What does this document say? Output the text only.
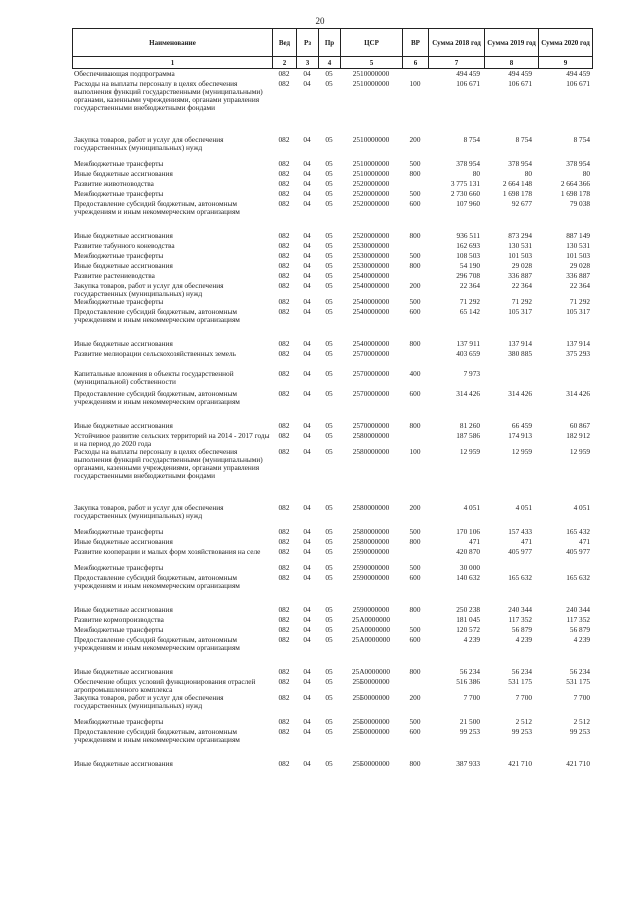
20
Наименование	Вед	Рз	Пр	ЦСР	ВР	Сумма 2018 год	Сумма 2019 год	Сумма 2020 год
1	2	3	4	5	6	7	8	9
Обеспечивающая подпрограмма	082	04	05	2510000000	494 459	494 459	494 459
Расходы на выплаты персоналу в целях обеспечения выполнения функций государственными (муниципальными) органами, казенными учреждениями, органами управления государственными внебюджетными фондами
082	04	05	2510000000	100	106 671	106 671	106 671
Закупка товаров, работ и услуг для обеспечения государственных (муниципальных) нужд
082	04	05	2510000000	200	8 754	8 754	8 754
Межбюджетные трансферты	082	04	05	2510000000	500	378 954	378 954	378 954
Иные бюджетные ассигнования	082	04	05	2510000000	800	80	80	80
Развитие животноводства	082	04	05	2520000000	3 775 131	2 664 148	2 664 366
Межбюджетные трансферты	082	04	05	2520000000	500	2 730 660	1 698 178	1 698 178
Предоставление субсидий бюджетным, автономным учреждениям и иным некоммерческим организациям
082	04	05	2520000000	600	107 960	92 677	79 038
Иные бюджетные ассигнования	082	04	05	2520000000	800	936 511	873 294	887 149
Развитие табунного коневодства	082	04	05	2530000000	162 693	130 531	130 531
Межбюджетные трансферты	082	04	05	2530000000	500	108 503	101 503	101 503
Иные бюджетные ассигнования	082	04	05	2530000000	800	54 190	29 028	29 028
Развитие растениеводства	082	04	05	2540000000	296 708	336 887	336 887
Закупка товаров, работ и услуг для обеспечения государственных (муниципальных) нужд
082	04	05	2540000000	200	22 364	22 364	22 364
Межбюджетные трансферты	082	04	05	2540000000	500	71 292	71 292	71 292
Предоставление субсидий бюджетным, автономным учреждениям и иным некоммерческим организациям
082	04	05	2540000000	600	65 142	105 317	105 317
Иные бюджетные ассигнования	082	04	05	2540000000	800	137 911	137 914	137 914
Развитие мелиорации сельскохозяйственных земель	082	04	05	2570000000	403 659	380 885	375 293
Капитальные вложения в объекты государственной (муниципальной) собственности
082	04	05	2570000000	400	7 973
Предоставление субсидий бюджетным, автономным учреждениям и иным некоммерческим организациям
082	04	05	2570000000	600	314 426	314 426	314 426
Иные бюджетные ассигнования	082	04	05	2570000000	800	81 260	66 459	60 867
Устойчивое развитие сельских территорий на 2014 - 2017 годы и на период до 2020 года
082	04	05	2580000000	187 586	174 913	182 912
Расходы на выплаты персоналу в целях обеспечения выполнения функций государственными (муниципальными) органами, казенными учреждениями, органами управления государственными внебюджетными фондами
082	04	05	2580000000	100	12 959	12 959	12 959
Закупка товаров, работ и услуг для обеспечения государственных (муниципальных) нужд
082	04	05	2580000000	200	4 051	4 051	4 051
Межбюджетные трансферты	082	04	05	2580000000	500	170 106	157 433	165 432
Иные бюджетные ассигнования	082	04	05	2580000000	800	471	471	471
Развитие кооперации и малых форм хозяйствования на селе	082	04	05	2590000000	420 870	405 977	405 977
Межбюджетные трансферты	082	04	05	2590000000	500	30 000
Предоставление субсидий бюджетным, автономным учреждениям и иным некоммерческим организациям
082	04	05	2590000000	600	140 632	165 632	165 632
Иные бюджетные ассигнования	082	04	05	2590000000	800	250 238	240 344	240 344
Развитие кормопроизводства	082	04	05	25А0000000	181 045	117 352	117 352
Межбюджетные трансферты	082	04	05	25А0000000	500	120 572	56 879	56 879
Предоставление субсидий бюджетным, автономным учреждениям и иным некоммерческим организациям
082	04	05	25А0000000	600	4 239	4 239	4 239
Иные бюджетные ассигнования	082	04	05	25А0000000	800	56 234	56 234	56 234
Обеспечение общих условий функционирования отраслей агропромышленного комплекса
082	04	05	25Б0000000	516 386	531 175	531 175
Закупка товаров, работ и услуг для обеспечения государственных (муниципальных) нужд
082	04	05	25Б0000000	200	7 700	7 700	7 700
Межбюджетные трансферты	082	04	05	25Б0000000	500	21 500	2 512	2 512
Предоставление субсидий бюджетным, автономным учреждениям и иным некоммерческим организациям
082	04	05	25Б0000000	600	99 253	99 253	99 253
Иные бюджетные ассигнования	082	04	05	25Б0000000	800	387 933	421 710	421 710
